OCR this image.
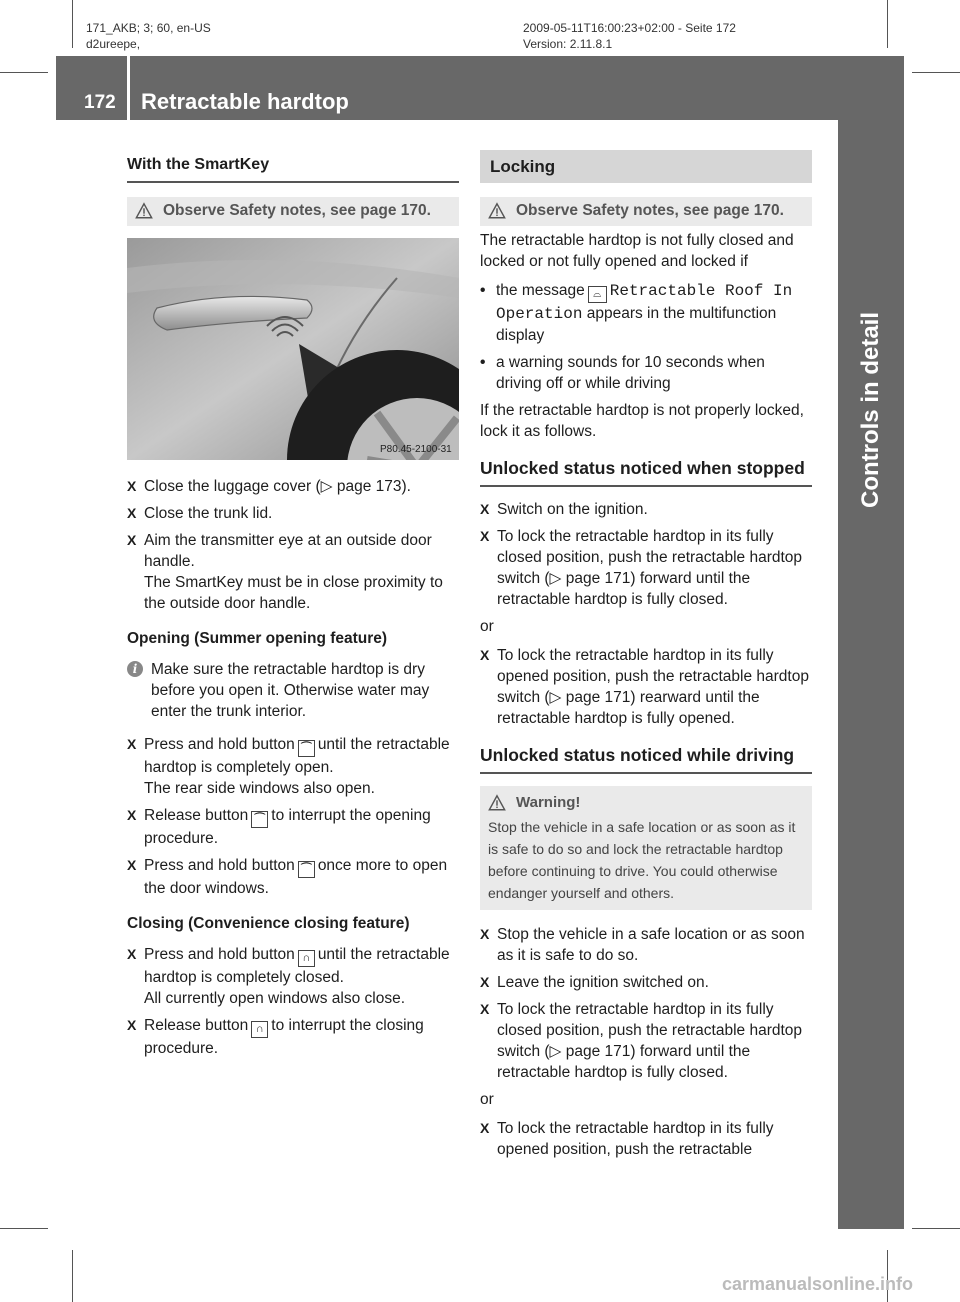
171_AKB; 3; 60, en-US
d2ureepe,
2009-05-11T16:00:23+02:00 - Seite 172
Version: 2.11.8.1
172 Retractable hardtop
Controls in detail
With the SmartKey
Observe Safety notes, see page 170.
P80.45-2100-31
X Close the luggage cover (▷ page 173).
X Close the trunk lid.
X Aim the transmitter eye at an outside door handle.
The SmartKey must be in close proximity to the outside door handle.
Opening (Summer opening feature)
i Make sure the retractable hardtop is dry before you open it. Otherwise water may enter the trunk interior.
X Press and hold button ⌒ until the retractable hardtop is completely open.
The rear side windows also open.
X Release button ⌒ to interrupt the opening procedure.
X Press and hold button ⌒ once more to open the door windows.
Closing (Convenience closing feature)
X Press and hold button ∩ until the retractable hardtop is completely closed.
All currently open windows also close.
X Release button ∩ to interrupt the closing procedure.
Locking
Observe Safety notes, see page 170.

The retractable hardtop is not fully closed and locked or not fully opened and locked if

• the message ⌓ Retractable Roof In Operation appears in the multifunction display
• a warning sounds for 10 seconds when driving off or while driving

If the retractable hardtop is not properly locked, lock it as follows.

Unlocked status noticed when stopped
X Switch on the ignition.
X To lock the retractable hardtop in its fully closed position, push the retractable hardtop switch (▷ page 171) forward until the retractable hardtop is fully closed.

or

X To lock the retractable hardtop in its fully opened position, push the retractable hardtop switch (▷ page 171) rearward until the retractable hardtop is fully opened.
Unlocked status noticed while driving
Warning!
Stop the vehicle in a safe location or as soon as it is safe to do so and lock the retractable hardtop before continuing to drive. You could otherwise endanger yourself and others.
X Stop the vehicle in a safe location or as soon as it is safe to do so.
X Leave the ignition switched on.
X To lock the retractable hardtop in its fully closed position, push the retractable hardtop switch (▷ page 171) forward until the retractable hardtop is fully closed.

or

X To lock the retractable hardtop in its fully opened position, push the retractable
carmanualsonline.info
